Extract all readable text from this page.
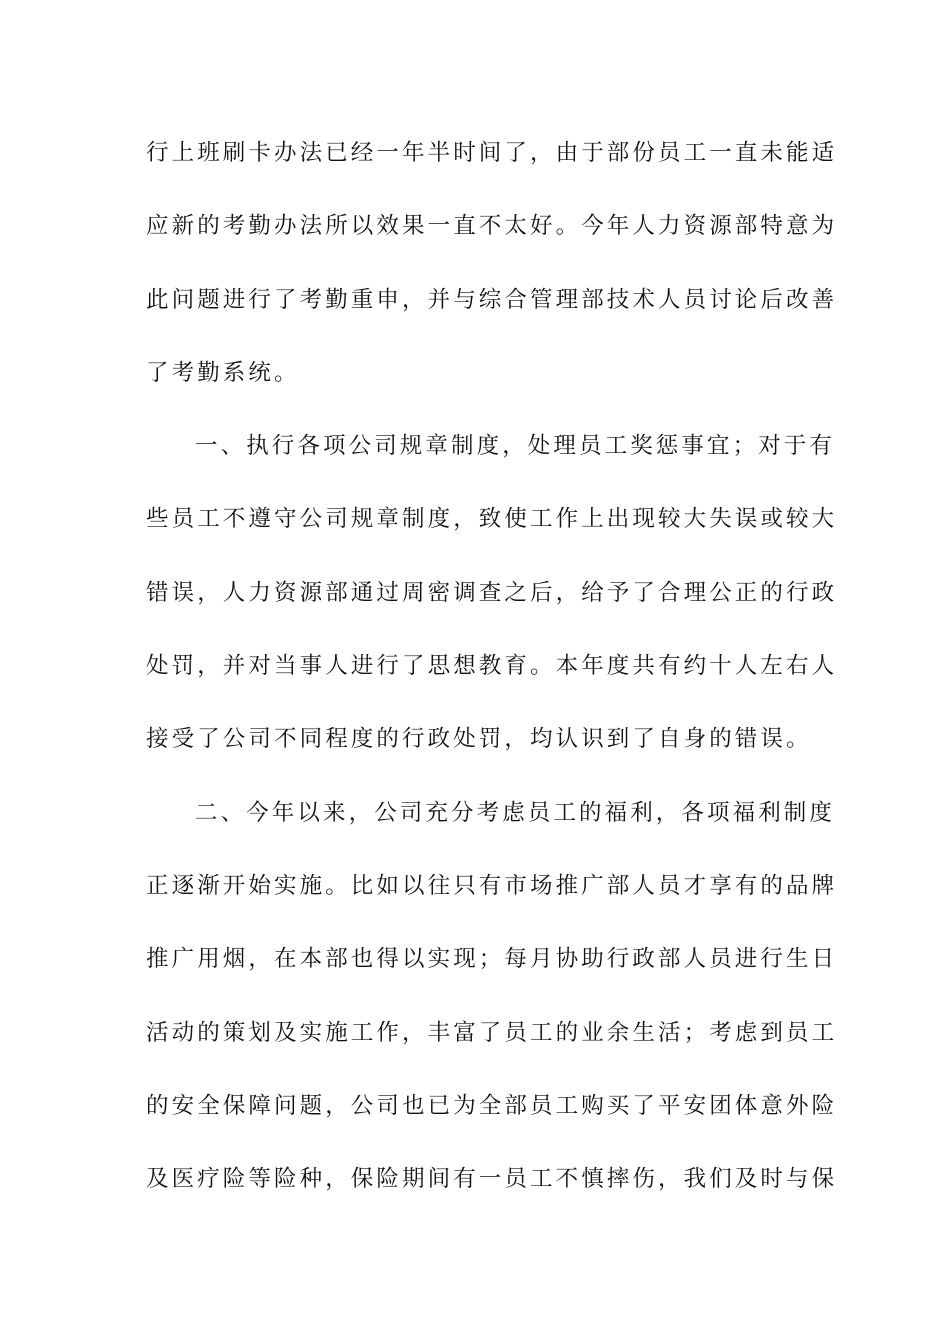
行上班刷卡办法已经一年半时间了，由于部份员工一直未能适
应新的考勤办法所以效果一直不太好。今年人力资源部特意为
此问题进行了考勤重申，并与综合管理部技术人员讨论后改善
了考勤系统。
一、执行各项公司规章制度，处理员工奖惩事宜；对于有
些员工不遵守公司规章制度，致使工作上出现较大失误或较大
错误，人力资源部通过周密调查之后，给予了合理公正的行政
处罚，并对当事人进行了思想教育。本年度共有约十人左右人
接受了公司不同程度的行政处罚，均认识到了自身的错误。
二、今年以来，公司充分考虑员工的福利，各项福利制度
正逐渐开始实施。比如以往只有市场推广部人员才享有的品牌
推广用烟，在本部也得以实现；每月协助行政部人员进行生日
活动的策划及实施工作，丰富了员工的业余生活；考虑到员工
的安全保障问题，公司也已为全部员工购买了平安团体意外险
及医疗险等险种，保险期间有一员工不慎摔伤，我们及时与保
